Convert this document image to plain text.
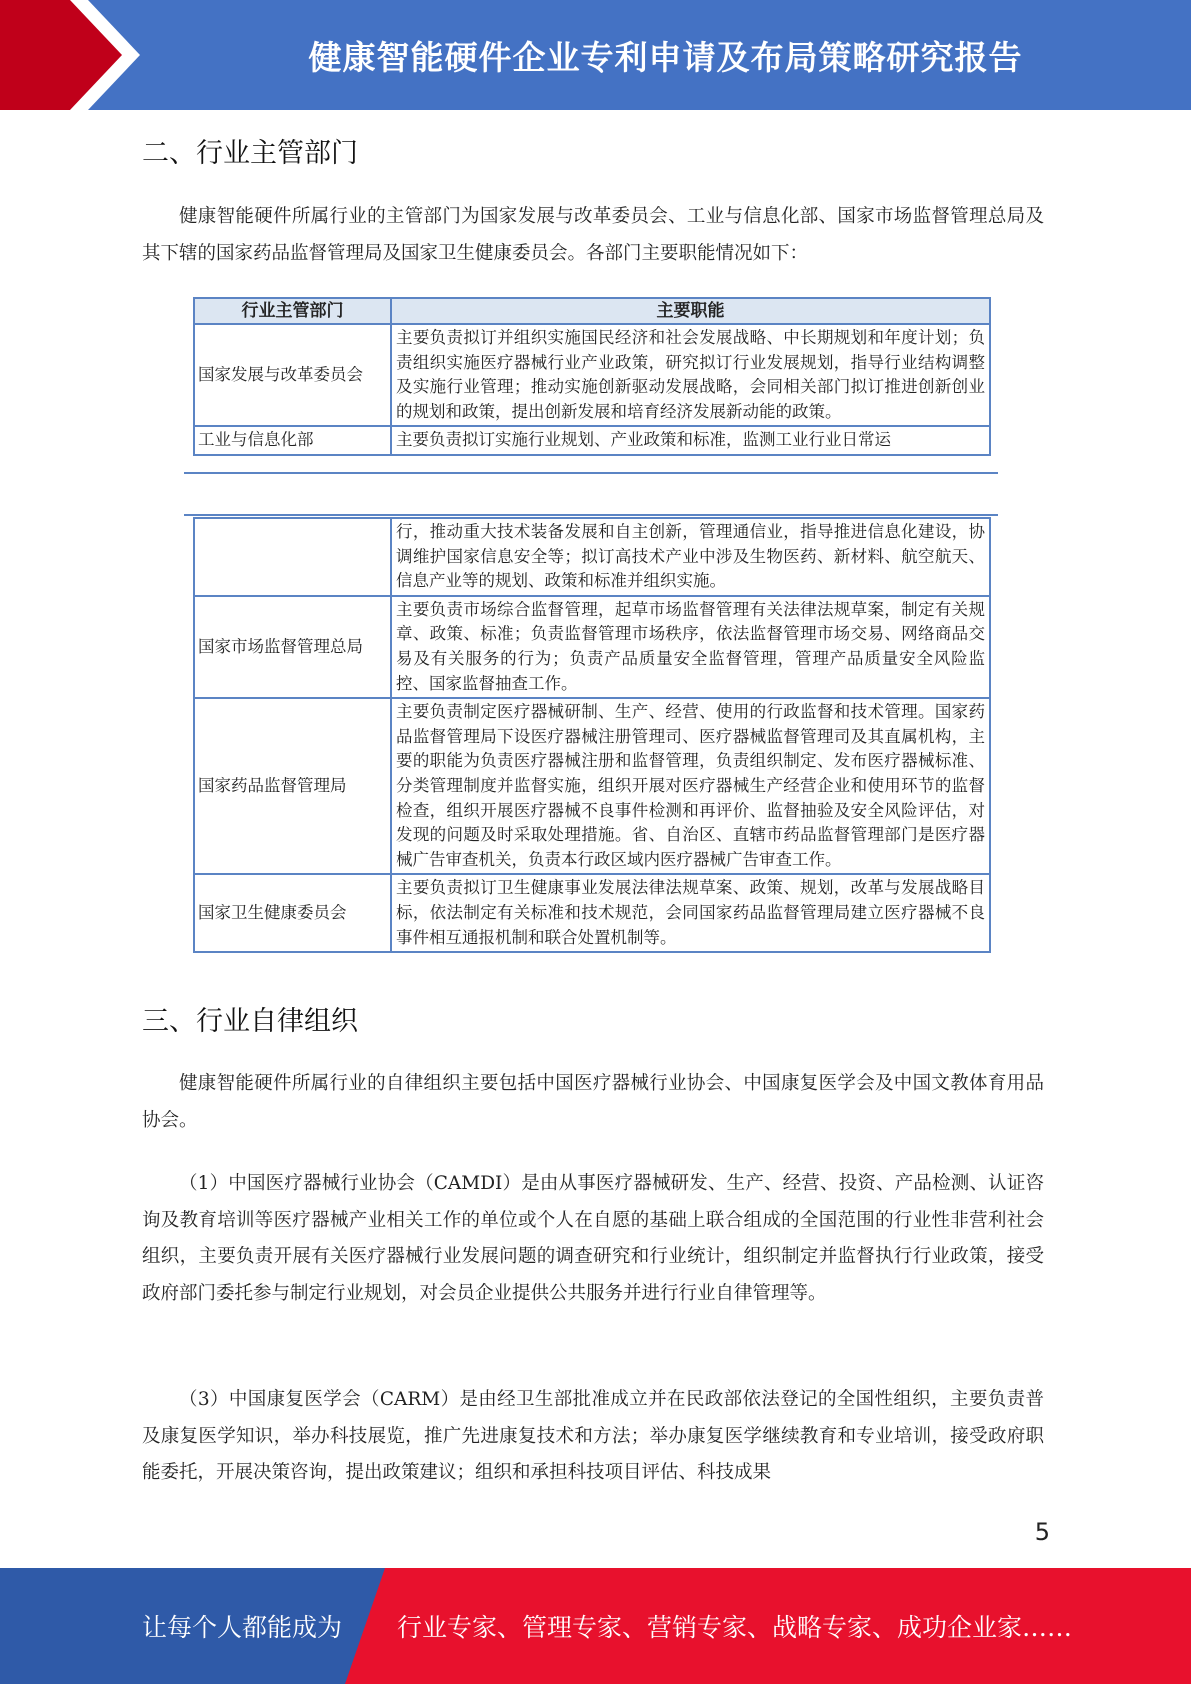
健康智能硬件企业专利申请及布局策略研究报告
二、行业主管部门
健康智能硬件所属行业的主管部门为国家发展与改革委员会、工业与信息化部、国家市场监督管理总局及其下辖的国家药品监督管理局及国家卫生健康委员会。各部门主要职能情况如下：
行业主管部门	主要职能
国家发展与改革委员会	主要负责拟订并组织实施国民经济和社会发展战略、中长期规划和年度计划；负责组织实施医疗器械行业产业政策，研究拟订行业发展规划，指导行业结构调整及实施行业管理；推动实施创新驱动发展战略，会同相关部门拟订推进创新创业的规划和政策，提出创新发展和培育经济发展新动能的政策。
工业与信息化部	主要负责拟订实施行业规划、产业政策和标准，监测工业行业日常运
	行，推动重大技术装备发展和自主创新，管理通信业，指导推进信息化建设，协调维护国家信息安全等；拟订高技术产业中涉及生物医药、新材料、航空航天、信息产业等的规划、政策和标准并组织实施。
国家市场监督管理总局	主要负责市场综合监督管理，起草市场监督管理有关法律法规草案，制定有关规章、政策、标准；负责监督管理市场秩序，依法监督管理市场交易、网络商品交易及有关服务的行为；负责产品质量安全监督管理，管理产品质量安全风险监控、国家监督抽查工作。
国家药品监督管理局	主要负责制定医疗器械研制、生产、经营、使用的行政监督和技术管理。国家药品监督管理局下设医疗器械注册管理司、医疗器械监督管理司及其直属机构，主要的职能为负责医疗器械注册和监督管理，负责组织制定、发布医疗器械标准、分类管理制度并监督实施，组织开展对医疗器械生产经营企业和使用环节的监督检查，组织开展医疗器械不良事件检测和再评价、监督抽验及安全风险评估，对发现的问题及时采取处理措施。省、自治区、直辖市药品监督管理部门是医疗器械广告审查机关，负责本行政区域内医疗器械广告审查工作。
国家卫生健康委员会	主要负责拟订卫生健康事业发展法律法规草案、政策、规划，改革与发展战略目标，依法制定有关标准和技术规范，会同国家药品监督管理局建立医疗器械不良事件相互通报机制和联合处置机制等。
三、行业自律组织
健康智能硬件所属行业的自律组织主要包括中国医疗器械行业协会、中国康复医学会及中国文教体育用品协会。
（1）中国医疗器械行业协会（CAMDI）是由从事医疗器械研发、生产、经营、投资、产品检测、认证咨询及教育培训等医疗器械产业相关工作的单位或个人在自愿的基础上联合组成的全国范围的行业性非营利社会组织，主要负责开展有关医疗器械行业发展问题的调查研究和行业统计，组织制定并监督执行行业政策，接受政府部门委托参与制定行业规划，对会员企业提供公共服务并进行行业自律管理等。
（3）中国康复医学会（CARM）是由经卫生部批准成立并在民政部依法登记的全国性组织，主要负责普及康复医学知识，举办科技展览，推广先进康复技术和方法；举办康复医学继续教育和专业培训，接受政府职能委托，开展决策咨询，提出政策建议；组织和承担科技项目评估、科技成果
5
让每个人都能成为 行业专家、管理专家、营销专家、战略专家、成功企业家……
